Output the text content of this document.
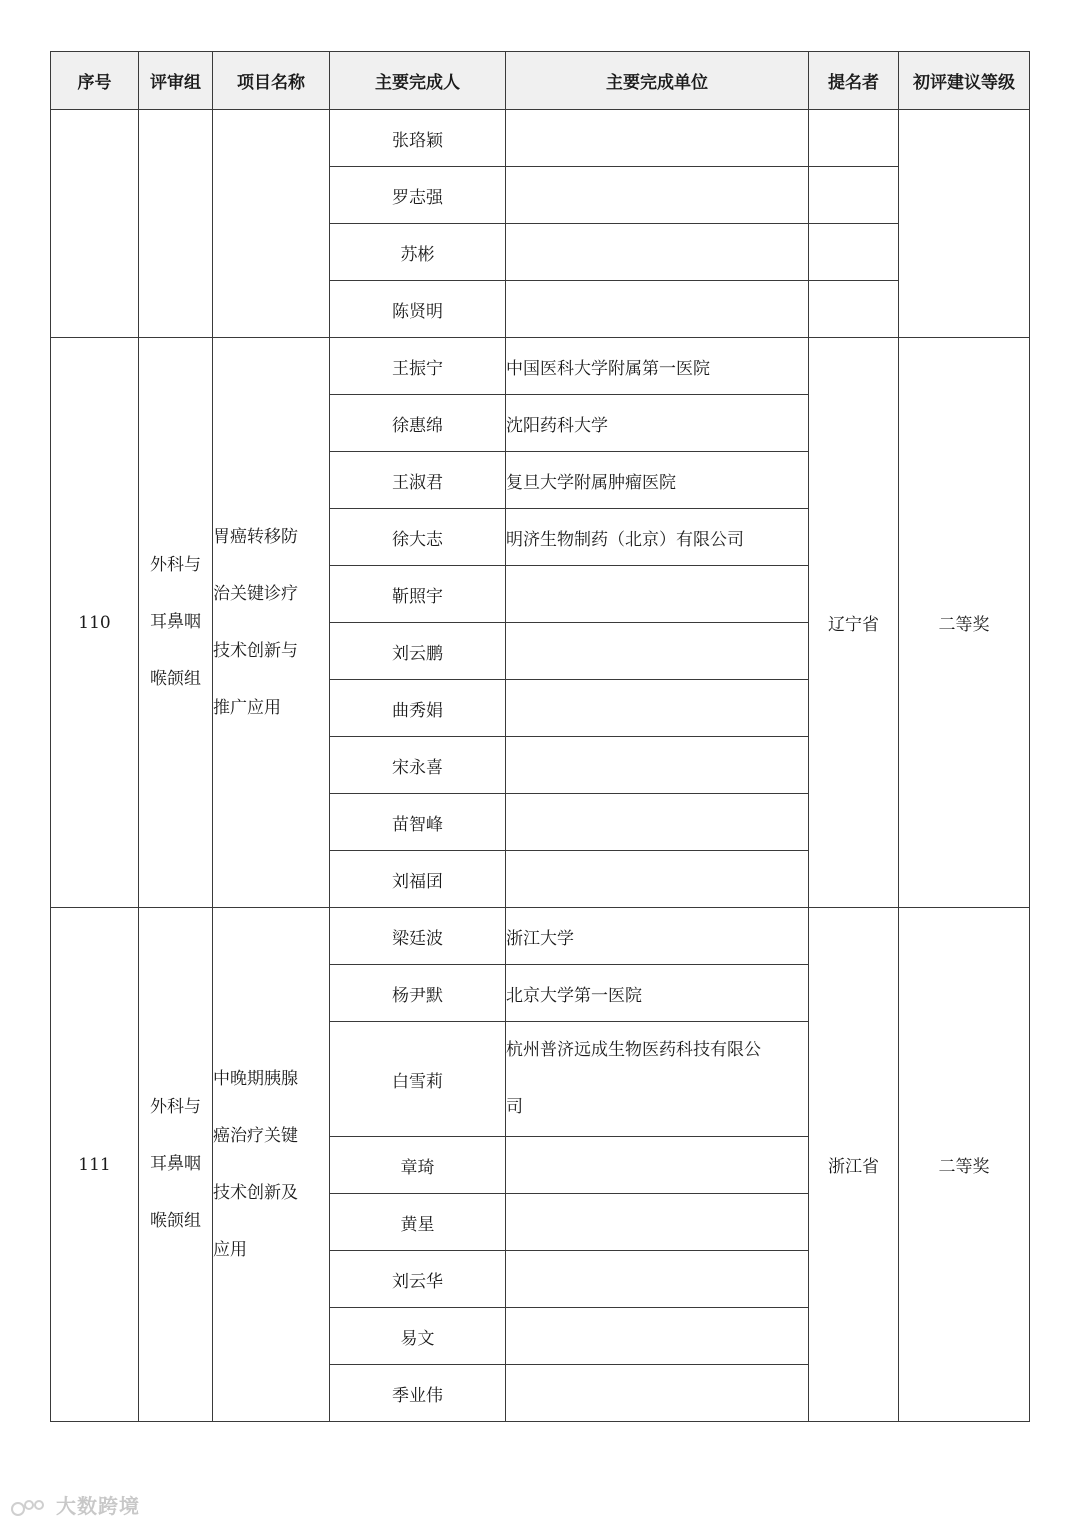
序号	评审组	项目名称	主要完成人	主要完成单位	提名者	初评建议等级
			张珞颖			
			罗志强			
			苏彬			
			陈贤明			
110	外科与
耳鼻咽
喉颌组	胃癌转移防
治关键诊疗
技术创新与
推广应用	王振宁	中国医科大学附属第一医院	辽宁省	二等奖
			徐惠绵	沈阳药科大学		
			王淑君	复旦大学附属肿瘤医院		
			徐大志	明济生物制药（北京）有限公司		
			靳照宇			
			刘云鹏			
			曲秀娟			
			宋永喜			
			苗智峰			
			刘福囝			
111	外科与
耳鼻咽
喉颌组	中晚期胰腺
癌治疗关键
技术创新及
应用	梁廷波	浙江大学	浙江省	二等奖
			杨尹默	北京大学第一医院		
			白雪莉	杭州普济远成生物医药科技有限公
司		

			章琦			
			黄星			
			刘云华			
			易文			
			季业伟			
大数跨境
